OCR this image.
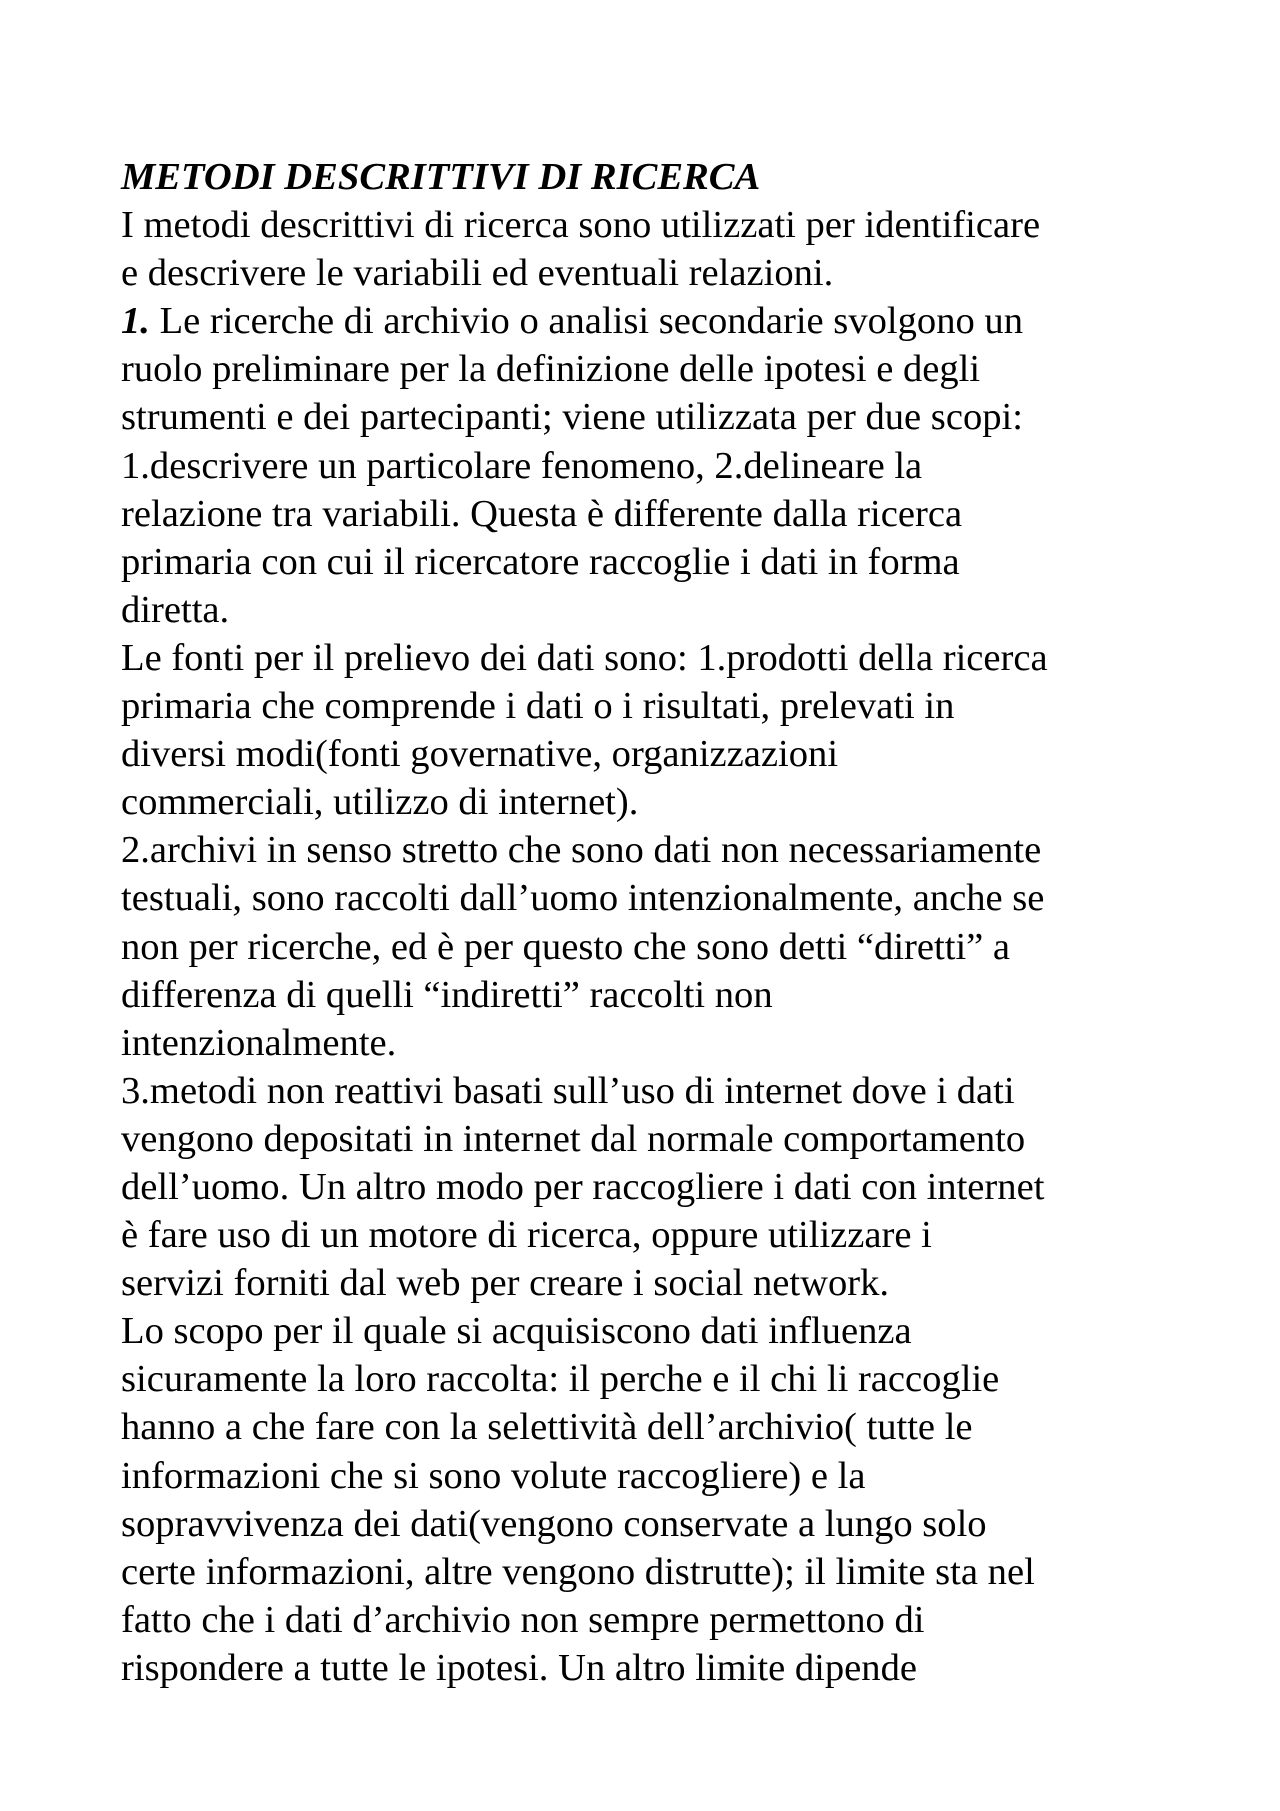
METODI DESCRITTIVI DI RICERCA
I metodi descrittivi di ricerca sono utilizzati per identificare
e descrivere le variabili ed eventuali relazioni.
1. Le ricerche di archivio o analisi secondarie svolgono un
ruolo preliminare per la definizione delle ipotesi e degli
strumenti e dei partecipanti; viene utilizzata per due scopi:
1.descrivere un particolare fenomeno, 2.delineare la
relazione tra variabili. Questa è differente dalla ricerca
primaria con cui il ricercatore raccoglie i dati in forma
diretta.
Le fonti per il prelievo dei dati sono: 1.prodotti della ricerca
primaria che comprende i dati o i risultati, prelevati in
diversi modi(fonti governative, organizzazioni
commerciali, utilizzo di internet).
2.archivi in senso stretto che sono dati non necessariamente
testuali, sono raccolti dall’uomo intenzionalmente, anche se
non per ricerche, ed è per questo che sono detti “diretti” a
differenza di quelli “indiretti” raccolti non
intenzionalmente.
3.metodi non reattivi basati sull’uso di internet dove i dati
vengono depositati in internet dal normale comportamento
dell’uomo. Un altro modo per raccogliere i dati con internet
è fare uso di un motore di ricerca, oppure utilizzare i
servizi forniti dal web per creare i social network.
Lo scopo per il quale si acquisiscono dati influenza
sicuramente la loro raccolta: il perche e il chi li raccoglie
hanno a che fare con la selettività dell’archivio( tutte le
informazioni che si sono volute raccogliere) e la
sopravvivenza dei dati(vengono conservate a lungo solo
certe informazioni, altre vengono distrutte); il limite sta nel
fatto che i dati d’archivio non sempre permettono di
rispondere a tutte le ipotesi. Un altro limite dipende
